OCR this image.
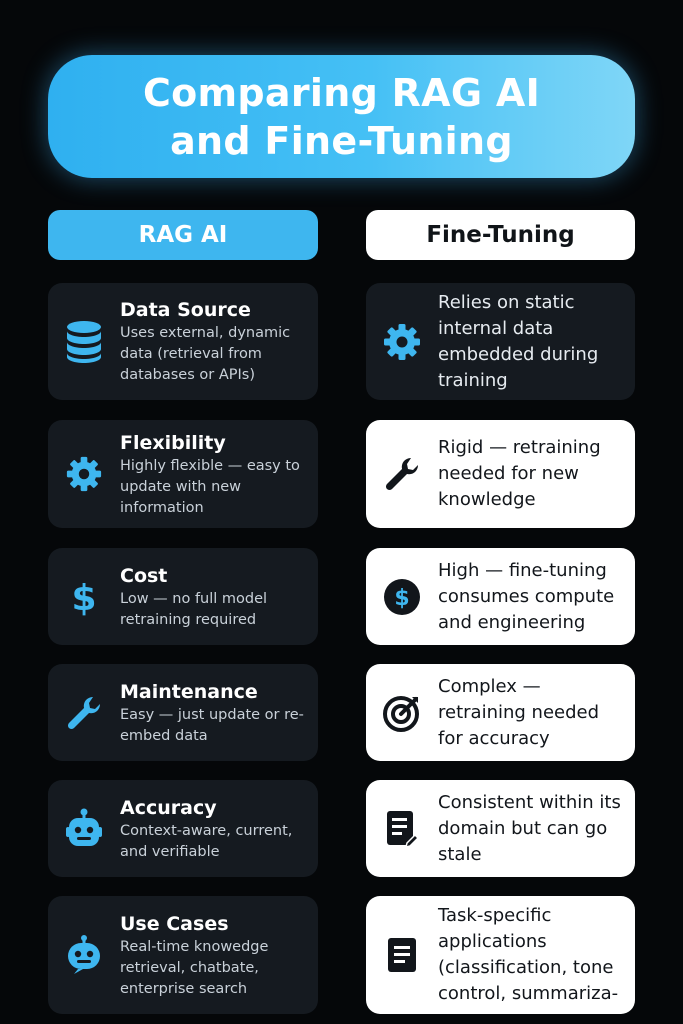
Comparing RAG AI
and Fine-Tuning
RAG AI	Fine-Tuning
Data Source
Uses external, dynamic data (retrieval from databases or APIs)
Relies on static internal data embedded during training
Flexibility
Highly flexible — easy to update with new information
Rigid — retraining needed for new knowledge
$
Cost
Low — no full model retraining required
$
High — fine-tuning consumes compute and engineering
Maintenance
Easy — just update or re-embed data
Complex — retraining needed for accuracy
Accuracy
Context-aware, current, and verifiable
Consistent within its domain but can go stale
Use Cases
Real-time knowedge retrieval, chatbate, enterprise search
Task-specific
applications
(classification, tone
control, summariza-
